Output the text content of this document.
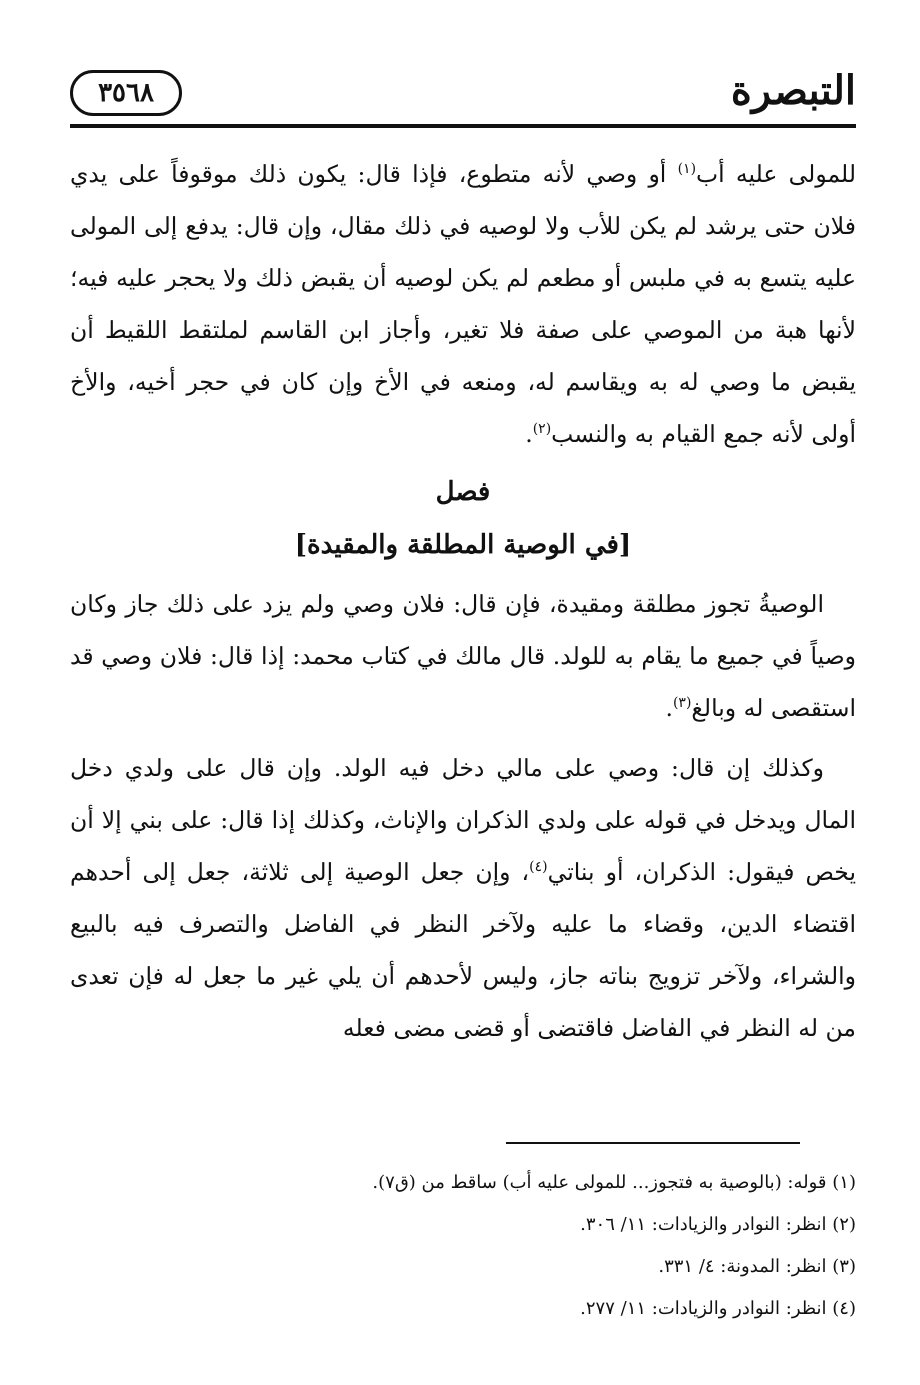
٣٥٦٨	التبصرة

للمولى عليه أب$^{(١)}$ أو وصي لأنه متطوع، فإذا قال: يكون ذلك موقوفاً على يدي فلان حتى يرشد لم يكن للأب ولا لوصيه في ذلك مقال، وإن قال: يدفع إلى المولى عليه يتسع به في ملبس أو مطعم لم يكن لوصيه أن يقبض ذلك ولا يحجر عليه فيه؛ لأنها هبة من الموصي على صفة فلا تغير، وأجاز ابن القاسم لملتقط اللقيط أن يقبض ما وصي له به ويقاسم له، ومنعه في الأخ وإن كان في حجر أخيه، والأخ أولى لأنه جمع القيام به والنسب$^{(٢)}$.

فصل
[في الوصية المطلقة والمقيدة]

الوصيةُ تجوز مطلقة ومقيدة، فإن قال: فلان وصي ولم يزد على ذلك جاز وكان وصياً في جميع ما يقام به للولد. قال مالك في كتاب محمد: إذا قال: فلان وصي قد استقصى له وبالغ$^{(٣)}$.

وكذلك إن قال: وصي على مالي دخل فيه الولد. وإن قال على ولدي دخل المال ويدخل في قوله على ولدي الذكران والإناث، وكذلك إذا قال: على بني إلا أن يخص فيقول: الذكران، أو بناتي$^{(٤)}$، وإن جعل الوصية إلى ثلاثة، جعل إلى أحدهم اقتضاء الدين، وقضاء ما عليه ولآخر النظر في الفاضل والتصرف فيه بالبيع والشراء، ولآخر تزويج بناته جاز، وليس لأحدهم أن يلي غير ما جعل له فإن تعدى من له النظر في الفاضل فاقتضى أو قضى مضى فعله

(١) قوله: (بالوصية به فتجوز... للمولى عليه أب) ساقط من (ق٧).

(٢) انظر: النوادر والزيادات: ١١/ ٣٠٦.

(٣) انظر: المدونة: ٤/ ٣٣١.

(٤) انظر: النوادر والزيادات: ١١/ ٢٧٧.
